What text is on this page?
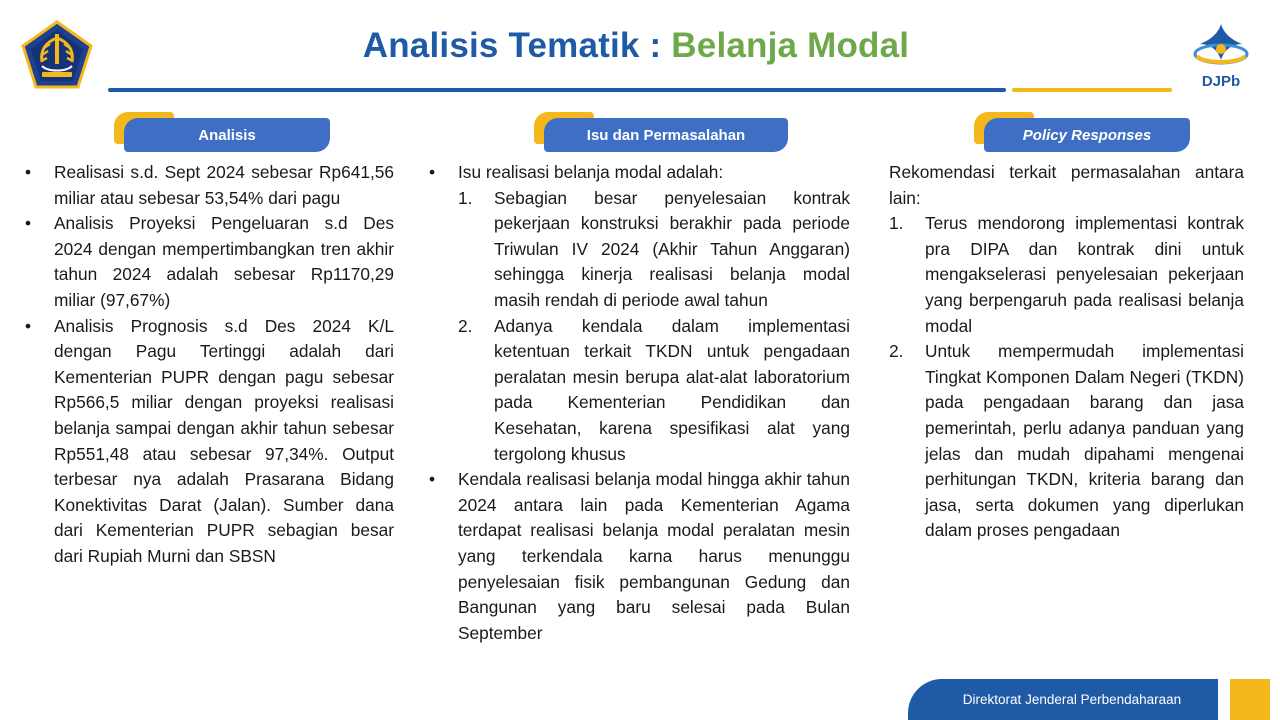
Analisis Tematik : Belanja Modal
DJPb
Analisis	Isu dan Permasalahan	Policy Responses
• Realisasi s.d. Sept 2024 sebesar Rp641,56 miliar atau sebesar 53,54% dari pagu
• Analisis Proyeksi Pengeluaran s.d Des 2024 dengan mempertimbangkan tren akhir tahun 2024 adalah sebesar Rp1170,29 miliar (97,67%)
• Analisis Prognosis s.d Des 2024 K/L dengan Pagu Tertinggi adalah dari Kementerian PUPR dengan pagu sebesar Rp566,5 miliar dengan proyeksi realisasi belanja sampai dengan akhir tahun sebesar Rp551,48 atau sebesar 97,34%. Output terbesar nya adalah Prasarana Bidang Konektivitas Darat (Jalan). Sumber dana dari Kementerian PUPR sebagian besar dari Rupiah Murni dan SBSN
• Isu realisasi belanja modal adalah:
1. Sebagian besar penyelesaian kontrak pekerjaan konstruksi berakhir pada periode Triwulan IV 2024 (Akhir Tahun Anggaran) sehingga kinerja realisasi belanja modal masih rendah di periode awal tahun
2. Adanya kendala dalam implementasi ketentuan terkait TKDN untuk pengadaan peralatan mesin berupa alat-alat laboratorium pada Kementerian Pendidikan dan Kesehatan, karena spesifikasi alat yang tergolong khusus
• Kendala realisasi belanja modal hingga akhir tahun 2024 antara lain pada Kementerian Agama terdapat realisasi belanja modal peralatan mesin yang terkendala karna harus menunggu penyelesaian fisik pembangunan Gedung dan Bangunan yang baru selesai pada Bulan September

Rekomendasi terkait permasalahan antara lain:

1. Terus mendorong implementasi kontrak pra DIPA dan kontrak dini untuk mengakselerasi penyelesaian pekerjaan yang berpengaruh pada realisasi belanja modal
2. Untuk mempermudah implementasi Tingkat Komponen Dalam Negeri (TKDN) pada pengadaan barang dan jasa pemerintah, perlu adanya panduan yang jelas dan mudah dipahami mengenai perhitungan TKDN, kriteria barang dan jasa, serta dokumen yang diperlukan dalam proses pengadaan
Direktorat Jenderal Perbendaharaan
